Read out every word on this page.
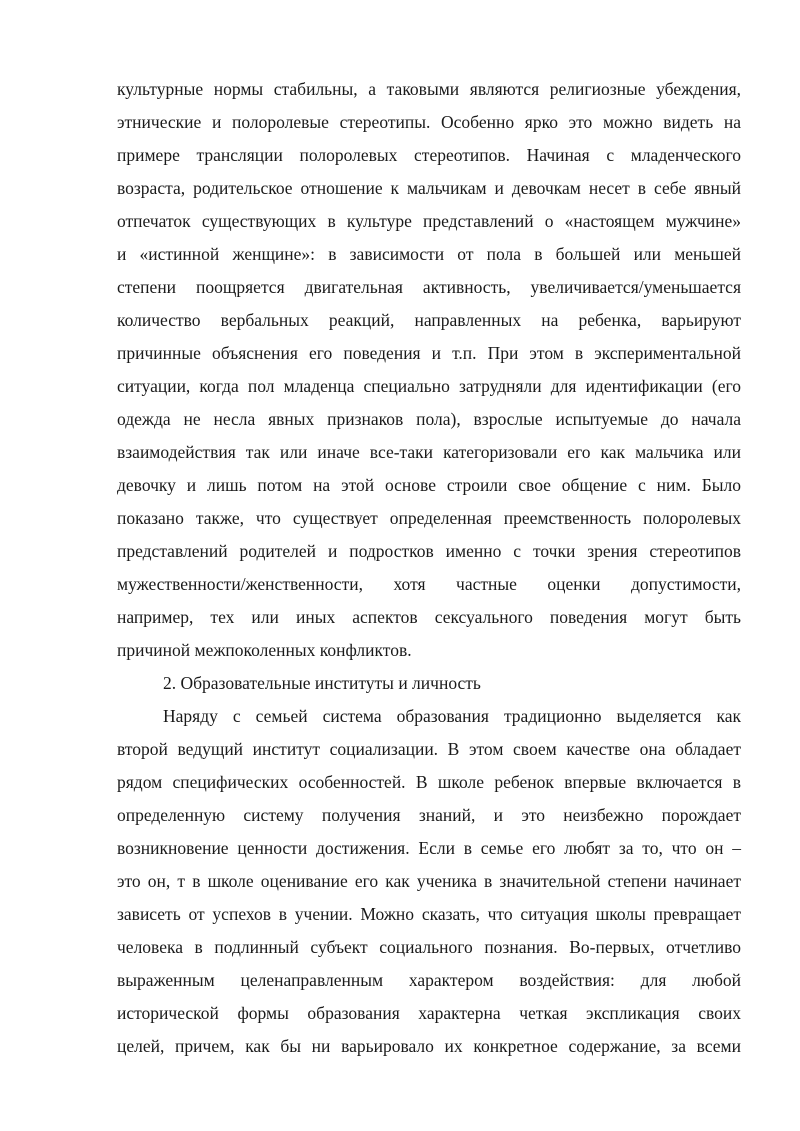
культурные нормы стабильны, а таковыми являются религиозные убеждения,
этнические и полоролевые стереотипы. Особенно ярко это можно видеть на
примере трансляции полоролевых стереотипов. Начиная с младенческого
возраста, родительское отношение к мальчикам и девочкам несет в себе явный
отпечаток существующих в культуре представлений о «настоящем мужчине»
и «истинной женщине»: в зависимости от пола в большей или меньшей
степени поощряется двигательная активность, увеличивается/уменьшается
количество вербальных реакций, направленных на ребенка, варьируют
причинные объяснения его поведения и т.п. При этом в экспериментальной
ситуации, когда пол младенца специально затрудняли для идентификации (его
одежда не несла явных признаков пола), взрослые испытуемые до начала
взаимодействия так или иначе все-таки категоризовали его как мальчика или
девочку и лишь потом на этой основе строили свое общение с ним. Было
показано также, что существует определенная преемственность полоролевых
представлений родителей и подростков именно с точки зрения стереотипов
мужественности/женственности, хотя частные оценки допустимости,
например, тех или иных аспектов сексуального поведения могут быть
причиной межпоколенных конфликтов.
2. Образовательные институты и личность
Наряду с семьей система образования традиционно выделяется как
второй ведущий институт социализации. В этом своем качестве она обладает
рядом специфических особенностей. В школе ребенок впервые включается в
определенную систему получения знаний, и это неизбежно порождает
возникновение ценности достижения. Если в семье его любят за то, что он –
это он, т в школе оценивание его как ученика в значительной степени начинает
зависеть от успехов в учении. Можно сказать, что ситуация школы превращает
человека в подлинный субъект социального познания. Во-первых, отчетливо
выраженным целенаправленным характером воздействия: для любой
исторической формы образования характерна четкая экспликация своих
целей, причем, как бы ни варьировало их конкретное содержание, за всеми
